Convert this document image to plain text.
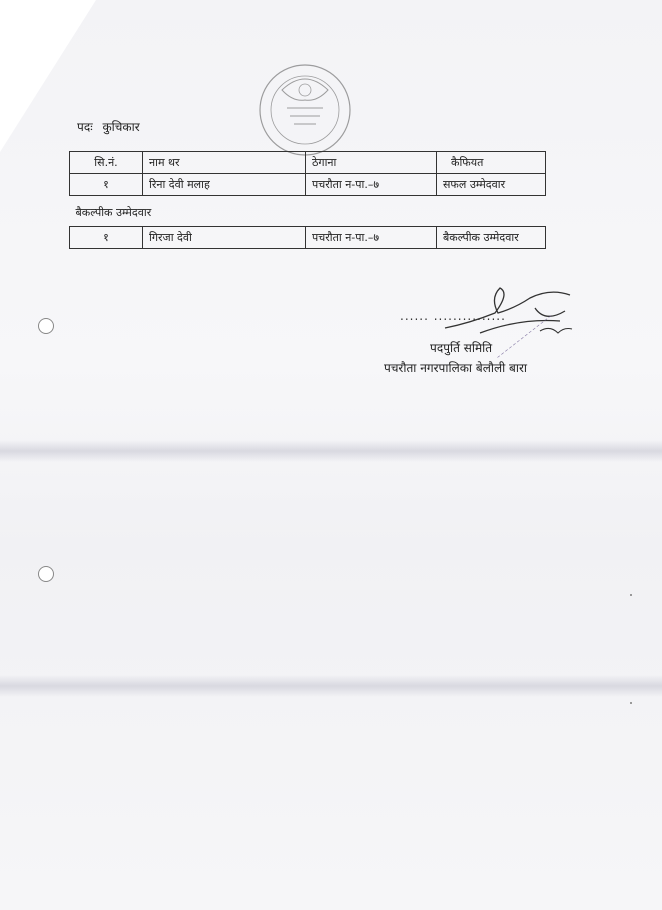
पदः कुचिकार
सि.नं.	नाम थर	ठेगाना	कैफियत
१	रिना देवी मलाह	पचरौता न-पा.–७	सफल उम्मेदवार
बैकल्पीक उम्मेदवार			
१	गिरजा देवी	पचरौता न-पा.–७	बैकल्पीक उम्मेदवार
...... ...............
पदपुर्ति समिति
पचरौता नगरपालिका बेलौली बारा
